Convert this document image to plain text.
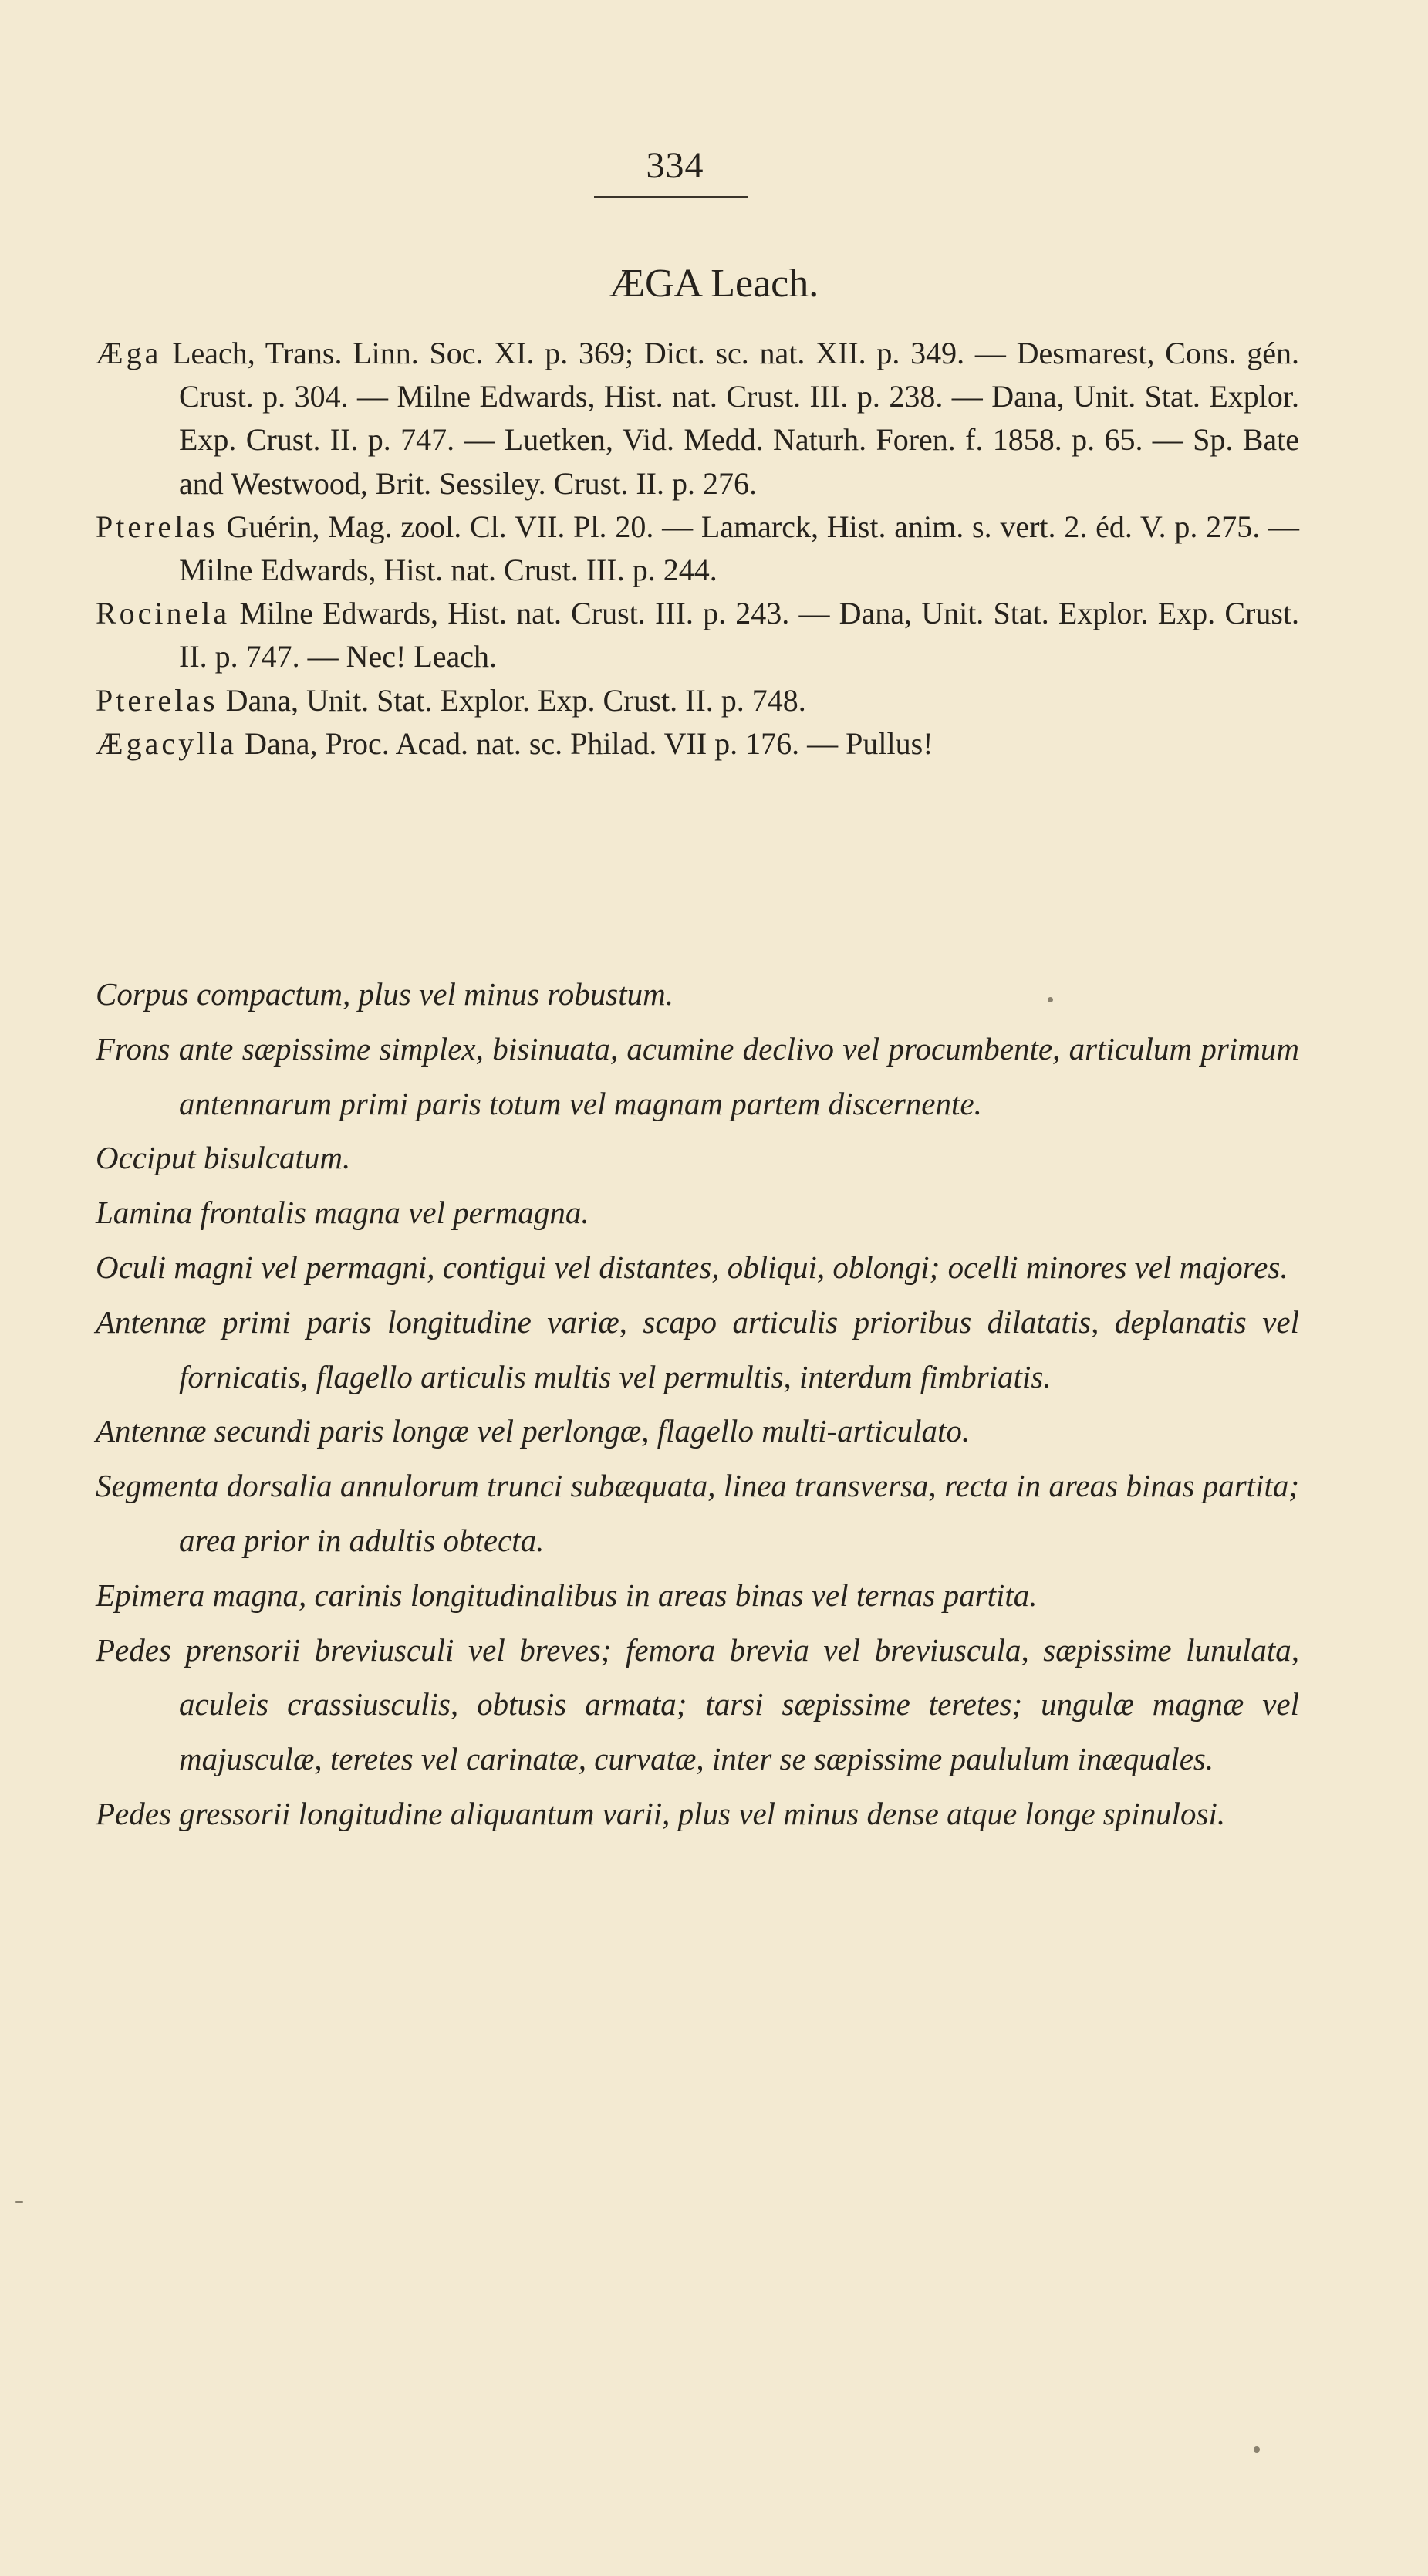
334
ÆGA Leach.

Æga Leach, Trans. Linn. Soc. XI. p. 369; Dict. sc. nat. XII. p. 349. — Desmarest, Cons. gén. Crust. p. 304. — Milne Edwards, Hist. nat. Crust. III. p. 238. — Dana, Unit. Stat. Explor. Exp. Crust. II. p. 747. — Luetken, Vid. Medd. Naturh. Foren. f. 1858. p. 65. — Sp. Bate and Westwood, Brit. Sessiley. Crust. II. p. 276.

Pterelas Guérin, Mag. zool. Cl. VII. Pl. 20. — Lamarck, Hist. anim. s. vert. 2. éd. V. p. 275. — Milne Edwards, Hist. nat. Crust. III. p. 244.

Rocinela Milne Edwards, Hist. nat. Crust. III. p. 243. — Dana, Unit. Stat. Explor. Exp. Crust. II. p. 747. — Nec! Leach.

Pterelas Dana, Unit. Stat. Explor. Exp. Crust. II. p. 748.

Ægacylla Dana, Proc. Acad. nat. sc. Philad. VII p. 176. — Pullus!

Corpus compactum, plus vel minus robustum.

Frons ante sæpissime simplex, bisinuata, acumine declivo vel procumbente, articulum primum antennarum primi paris totum vel magnam partem discernente.

Occiput bisulcatum.

Lamina frontalis magna vel permagna.

Oculi magni vel permagni, contigui vel distantes, obliqui, oblongi; ocelli minores vel majores.

Antennæ primi paris longitudine variæ, scapo articulis prioribus dilatatis, deplanatis vel fornicatis, flagello articulis multis vel permultis, interdum fimbriatis.

Antennæ secundi paris longæ vel perlongæ, flagello multi-articulato.

Segmenta dorsalia annulorum trunci subæquata, linea transversa, recta in areas binas partita; area prior in adultis obtecta.

Epimera magna, carinis longitudinalibus in areas binas vel ternas partita.

Pedes prensorii breviusculi vel breves; femora brevia vel breviuscula, sæpissime lunulata, aculeis crassiusculis, obtusis armata; tarsi sæpissime teretes; ungulæ magnæ vel majusculæ, teretes vel carinatæ, curvatæ, inter se sæpissime paululum inæquales.

Pedes gressorii longitudine aliquantum varii, plus vel minus dense atque longe spinulosi.
